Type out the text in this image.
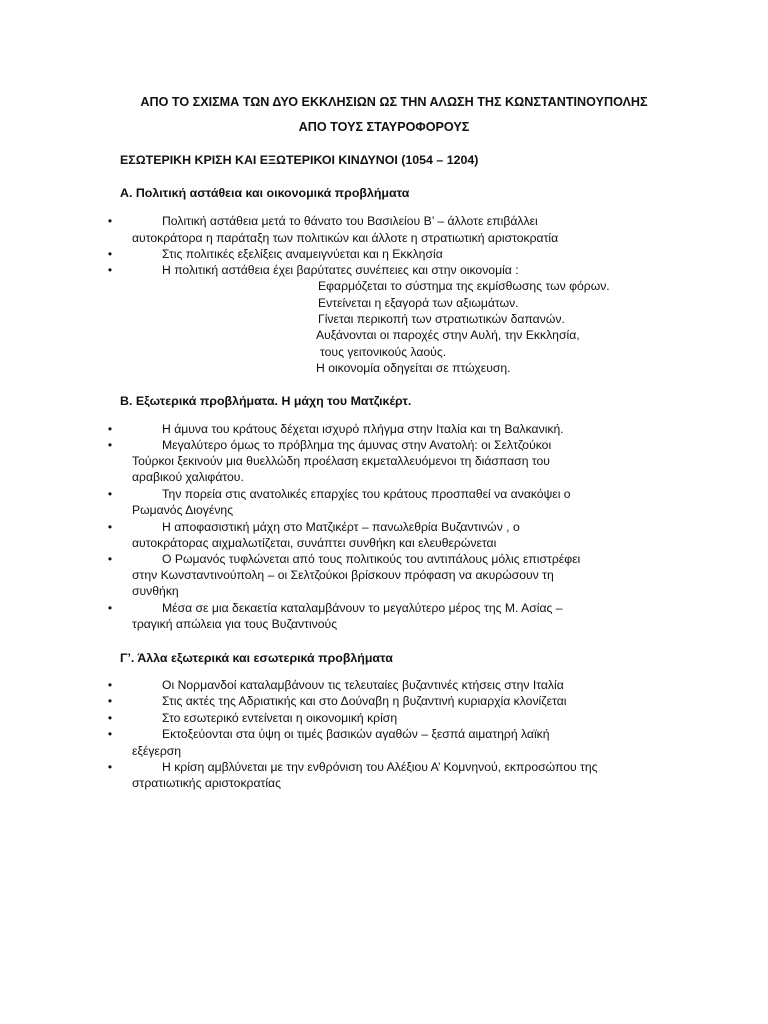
ΑΠΟ ΤΟ ΣΧΙΣΜΑ ΤΩΝ ΔΥΟ ΕΚΚΛΗΣΙΩΝ ΩΣ ΤΗΝ ΑΛΩΣΗ ΤΗΣ ΚΩΝΣΤΑΝΤΙΝΟΥΠΟΛΗΣ
ΑΠΟ ΤΟΥΣ ΣΤΑΥΡΟΦΟΡΟΥΣ
ΕΣΩΤΕΡΙΚΗ ΚΡΙΣΗ ΚΑΙ ΕΞΩΤΕΡΙΚΟΙ ΚΙΝΔΥΝΟΙ (1054 – 1204)
Α. Πολιτική αστάθεια και οικονομικά προβλήματα
•	Πολιτική αστάθεια μετά το θάνατο του Βασιλείου Β’ – άλλοτε επιβάλλει
αυτοκράτορα η παράταξη των πολιτικών και άλλοτε η στρατιωτική αριστοκρατία
•	Στις πολιτικές εξελίξεις αναμειγνύεται και η Εκκλησία
•	Η πολιτική αστάθεια έχει βαρύτατες συνέπειες και στην οικονομία :
Εφαρμόζεται το σύστημα της εκμίσθωσης των φόρων.
Εντείνεται η εξαγορά των αξιωμάτων.
Γίνεται περικοπή των στρατιωτικών δαπανών.
Αυξάνονται οι παροχές στην Αυλή, την Εκκλησία,
τους γειτονικούς λαούς.
Η οικονομία οδηγείται σε πτώχευση.
Β. Εξωτερικά προβλήματα. Η μάχη του Ματζικέρτ.
•	Η άμυνα του κράτους δέχεται ισχυρό πλήγμα στην Ιταλία και τη Βαλκανική.
•	Μεγαλύτερο όμως το πρόβλημα της άμυνας στην Ανατολή: οι Σελτζούκοι
Τούρκοι ξεκινούν μια θυελλώδη προέλαση εκμεταλλευόμενοι τη διάσπαση του
αραβικού χαλιφάτου.
•	Την πορεία στις ανατολικές επαρχίες του κράτους προσπαθεί να ανακόψει ο
Ρωμανός Διογένης
•	Η αποφασιστική μάχη στο Ματζικέρτ – πανωλεθρία Βυζαντινών , ο
αυτοκράτορας αιχμαλωτίζεται, συνάπτει συνθήκη και ελευθερώνεται
•	Ο Ρωμανός τυφλώνεται από τους πολιτικούς του αντιπάλους μόλις επιστρέφει
στην Κωνσταντινούπολη – οι Σελτζούκοι βρίσκουν πρόφαση να ακυρώσουν τη
συνθήκη
•	Μέσα σε μια δεκαετία καταλαμβάνουν το μεγαλύτερο μέρος της Μ. Ασίας –
τραγική απώλεια για τους Βυζαντινούς
Γ’. Άλλα εξωτερικά και εσωτερικά προβλήματα
•	Οι Νορμανδοί καταλαμβάνουν τις τελευταίες βυζαντινές κτήσεις στην Ιταλία
•	Στις ακτές της Αδριατικής και στο Δούναβη η βυζαντινή κυριαρχία κλονίζεται
•	Στο εσωτερικό εντείνεται η οικονομική κρίση
•	Εκτοξεύονται στα ύψη οι τιμές βασικών αγαθών – ξεσπά αιματηρή λαϊκή
εξέγερση
•	Η κρίση αμβλύνεται με την ενθρόνιση του Αλέξιου Α’ Κομνηνού, εκπροσώπου της
στρατιωτικής αριστοκρατίας
